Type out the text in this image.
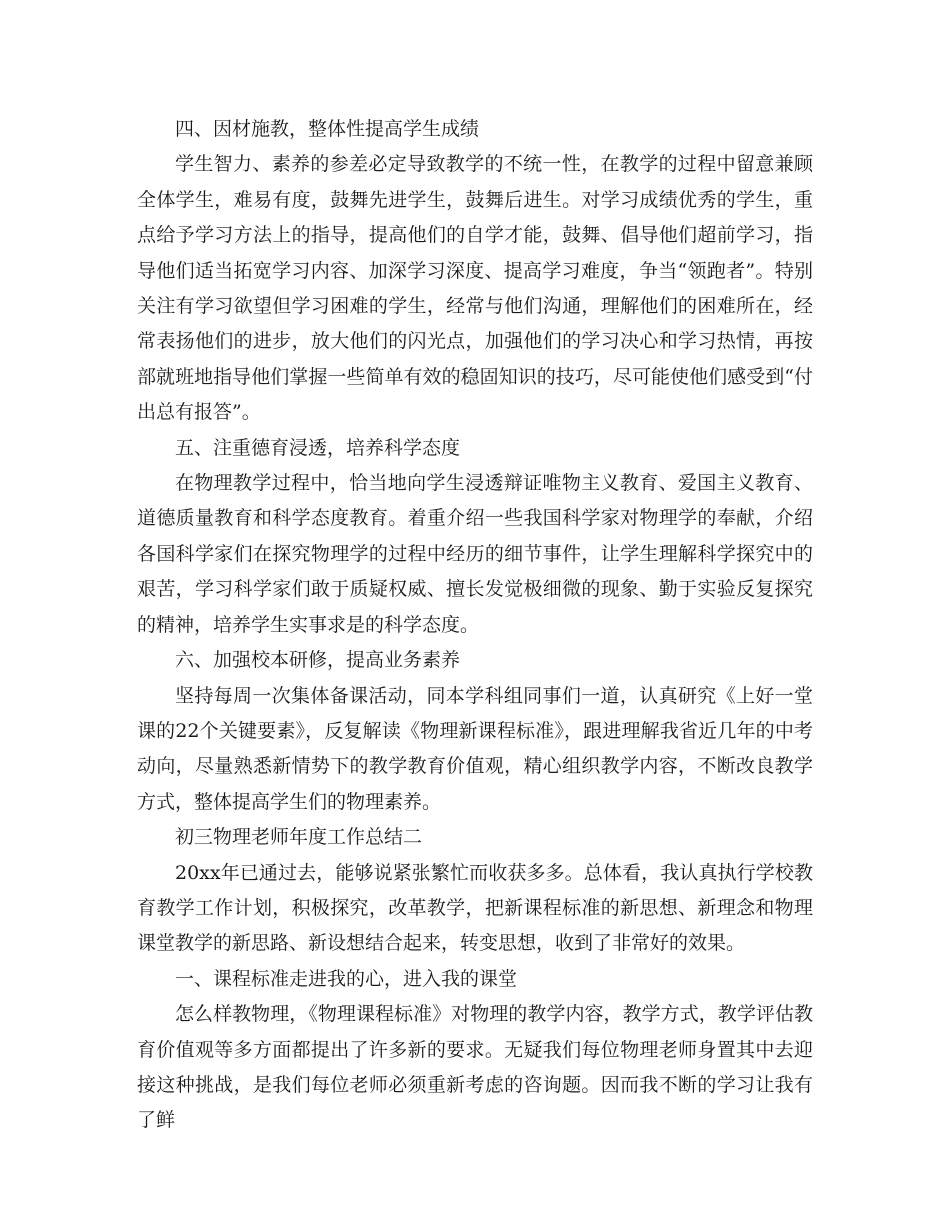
四、因材施教，整体性提高学生成绩

学生智力、素养的参差必定导致教学的不统一性，在教学的过程中留意兼顾全体学生，难易有度，鼓舞先进学生，鼓舞后进生。对学习成绩优秀的学生，重点给予学习方法上的指导，提高他们的自学才能，鼓舞、倡导他们超前学习，指导他们适当拓宽学习内容、加深学习深度、提高学习难度，争当“领跑者”。特别关注有学习欲望但学习困难的学生，经常与他们沟通，理解他们的困难所在，经常表扬他们的进步，放大他们的闪光点，加强他们的学习决心和学习热情，再按部就班地指导他们掌握一些简单有效的稳固知识的技巧，尽可能使他们感受到“付出总有报答”。

五、注重德育浸透，培养科学态度

在物理教学过程中，恰当地向学生浸透辩证唯物主义教育、爱国主义教育、道德质量教育和科学态度教育。着重介绍一些我国科学家对物理学的奉献，介绍各国科学家们在探究物理学的过程中经历的细节事件，让学生理解科学探究中的艰苦，学习科学家们敢于质疑权威、擅长发觉极细微的现象、勤于实验反复探究的精神，培养学生实事求是的科学态度。

六、加强校本研修，提高业务素养

坚持每周一次集体备课活动，同本学科组同事们一道，认真研究《上好一堂课的22个关键要素》，反复解读《物理新课程标准》，跟进理解我省近几年的中考动向，尽量熟悉新情势下的教学教育价值观，精心组织教学内容，不断改良教学方式，整体提高学生们的物理素养。

初三物理老师年度工作总结二

20xx年已通过去，能够说紧张繁忙而收获多多。总体看，我认真执行学校教育教学工作计划，积极探究，改革教学，把新课程标准的新思想、新理念和物理课堂教学的新思路、新设想结合起来，转变思想，收到了非常好的效果。

一、课程标准走进我的心，进入我的课堂

怎么样教物理，《物理课程标准》对物理的教学内容，教学方式，教学评估教育价值观等多方面都提出了许多新的要求。无疑我们每位物理老师身置其中去迎接这种挑战，是我们每位老师必须重新考虑的咨询题。因而我不断的学习让我有了鲜
